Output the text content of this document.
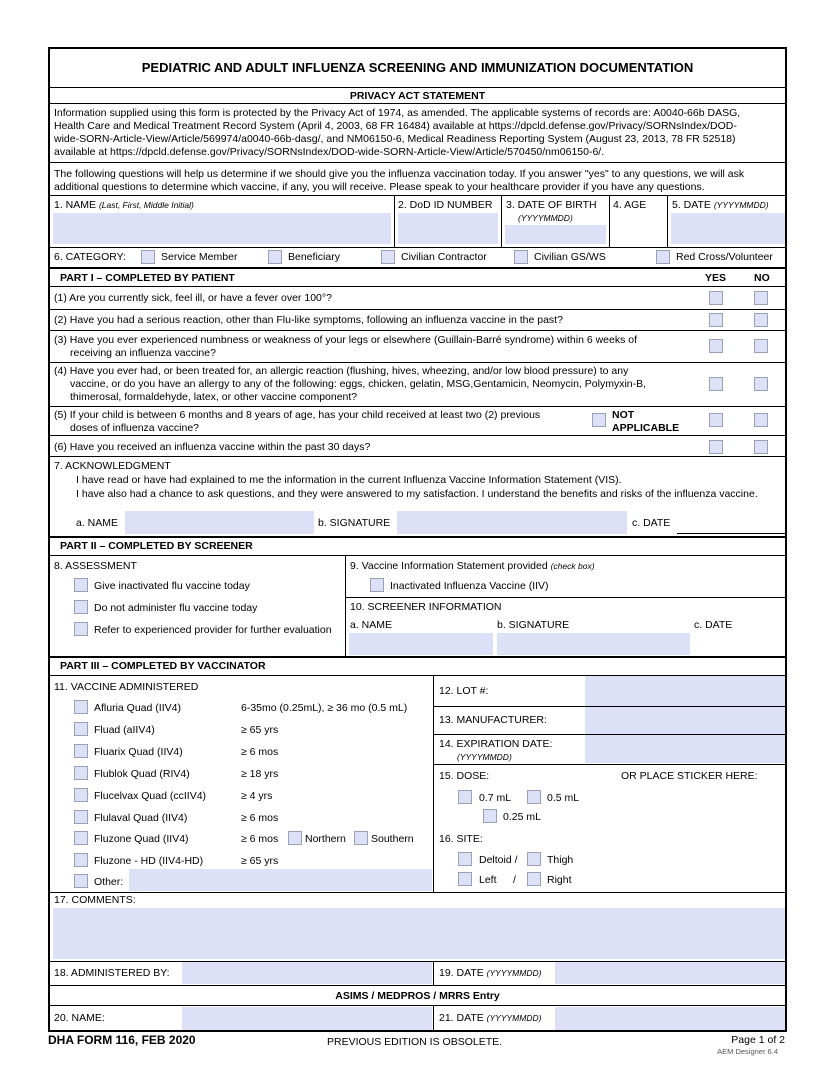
PEDIATRIC AND ADULT INFLUENZA SCREENING AND IMMUNIZATION DOCUMENTATION
PRIVACY ACT STATEMENT
Information supplied using this form is protected by the Privacy Act of 1974, as amended. The applicable systems of records are: A0040-66b DASG,
Health Care and Medical Treatment Record System (April 4, 2003, 68 FR 16484) available at https://dpcld.defense.gov/Privacy/SORNsIndex/DOD-
wide-SORN-Article-View/Article/569974/a0040-66b-dasg/, and NM06150-6, Medical Readiness Reporting System (August 23, 2013, 78 FR 52518)
available at https://dpcld.defense.gov/Privacy/SORNsIndex/DOD-wide-SORN-Article-View/Article/570450/nm06150-6/.
The following questions will help us determine if we should give you the influenza vaccination today. If you answer "yes" to any questions, we will ask
additional questions to determine which vaccine, if any, you will receive. Please speak to your healthcare provider if you have any questions.
1. NAME (Last, First, Middle Initial)	2. DoD ID NUMBER 3. DATE OF BIRTH
(YYYYMMDD)
4. AGE 5. DATE (YYYYMMDD)
6. CATEGORY:	Service Member	Beneficiary	Civilian Contractor	Civilian GS/WS	Red Cross/Volunteer
PART I – COMPLETED BY PATIENT	YES	NO
(1) Are you currently sick, feel ill, or have a fever over 100°?
(2) Have you had a serious reaction, other than Flu-like symptoms, following an influenza vaccine in the past?
(3) Have you ever experienced numbness or weakness of your legs or elsewhere (Guillain-Barré syndrome) within 6 weeks of
receiving an influenza vaccine?
(4) Have you ever had, or been treated for, an allergic reaction (flushing, hives, wheezing, and/or low blood pressure) to any
vaccine, or do you have an allergy to any of the following: eggs, chicken, gelatin, MSG,Gentamicin, Neomycin, Polymyxin-B,
thimerosal, formaldehyde, latex, or other vaccine component?
(5) If your child is between 6 months and 8 years of age, has your child received at least two (2) previous
doses of influenza vaccine?
NOT
APPLICABLE
(6) Have you received an influenza vaccine within the past 30 days?
7. ACKNOWLEDGMENT
I have read or have had explained to me the information in the current Influenza Vaccine Information Statement (VIS).
I have also had a chance to ask questions, and they were answered to my satisfaction. I understand the benefits and risks of the influenza vaccine.
a. NAME	b. SIGNATURE	c. DATE
PART II – COMPLETED BY SCREENER
8. ASSESSMENT
Give inactivated flu vaccine today
Do not administer flu vaccine today
Refer to experienced provider for further evaluation
9. Vaccine Information Statement provided (check box)
Inactivated Influenza Vaccine (IIV)
10. SCREENER INFORMATION
a. NAME	b. SIGNATURE	c. DATE
PART III – COMPLETED BY VACCINATOR
11. VACCINE ADMINISTERED
Afluria Quad (IIV4)	6-35mo (0.25mL), ≥ 36 mo (0.5 mL)
Fluad (aIIV4)	≥ 65 yrs
Fluarix Quad (IIV4)	≥ 6 mos
Flublok Quad (RIV4)	≥ 18 yrs
Flucelvax Quad (ccIIV4)	≥ 4 yrs
Flulaval Quad (IIV4)	≥ 6 mos
Fluzone Quad (IIV4)	≥ 6 mos	Northern Southern
Fluzone - HD (IIV4-HD)	≥ 65 yrs
Other:
12. LOT #:
13. MANUFACTURER:
14. EXPIRATION DATE:
(YYYYMMDD)
15. DOSE:	OR PLACE STICKER HERE:
0.7 mL	0.5 mL
0.25 mL
16. SITE:
Deltoid /	Thigh
Left /	Right
17. COMMENTS:
18. ADMINISTERED BY:	19. DATE (YYYYMMDD)
ASIMS / MEDPROS / MRRS Entry
20. NAME:	21. DATE (YYYYMMDD)
DHA FORM 116, FEB 2020	PREVIOUS EDITION IS OBSOLETE.	Page 1 of 2
AEM Designer 6.4
